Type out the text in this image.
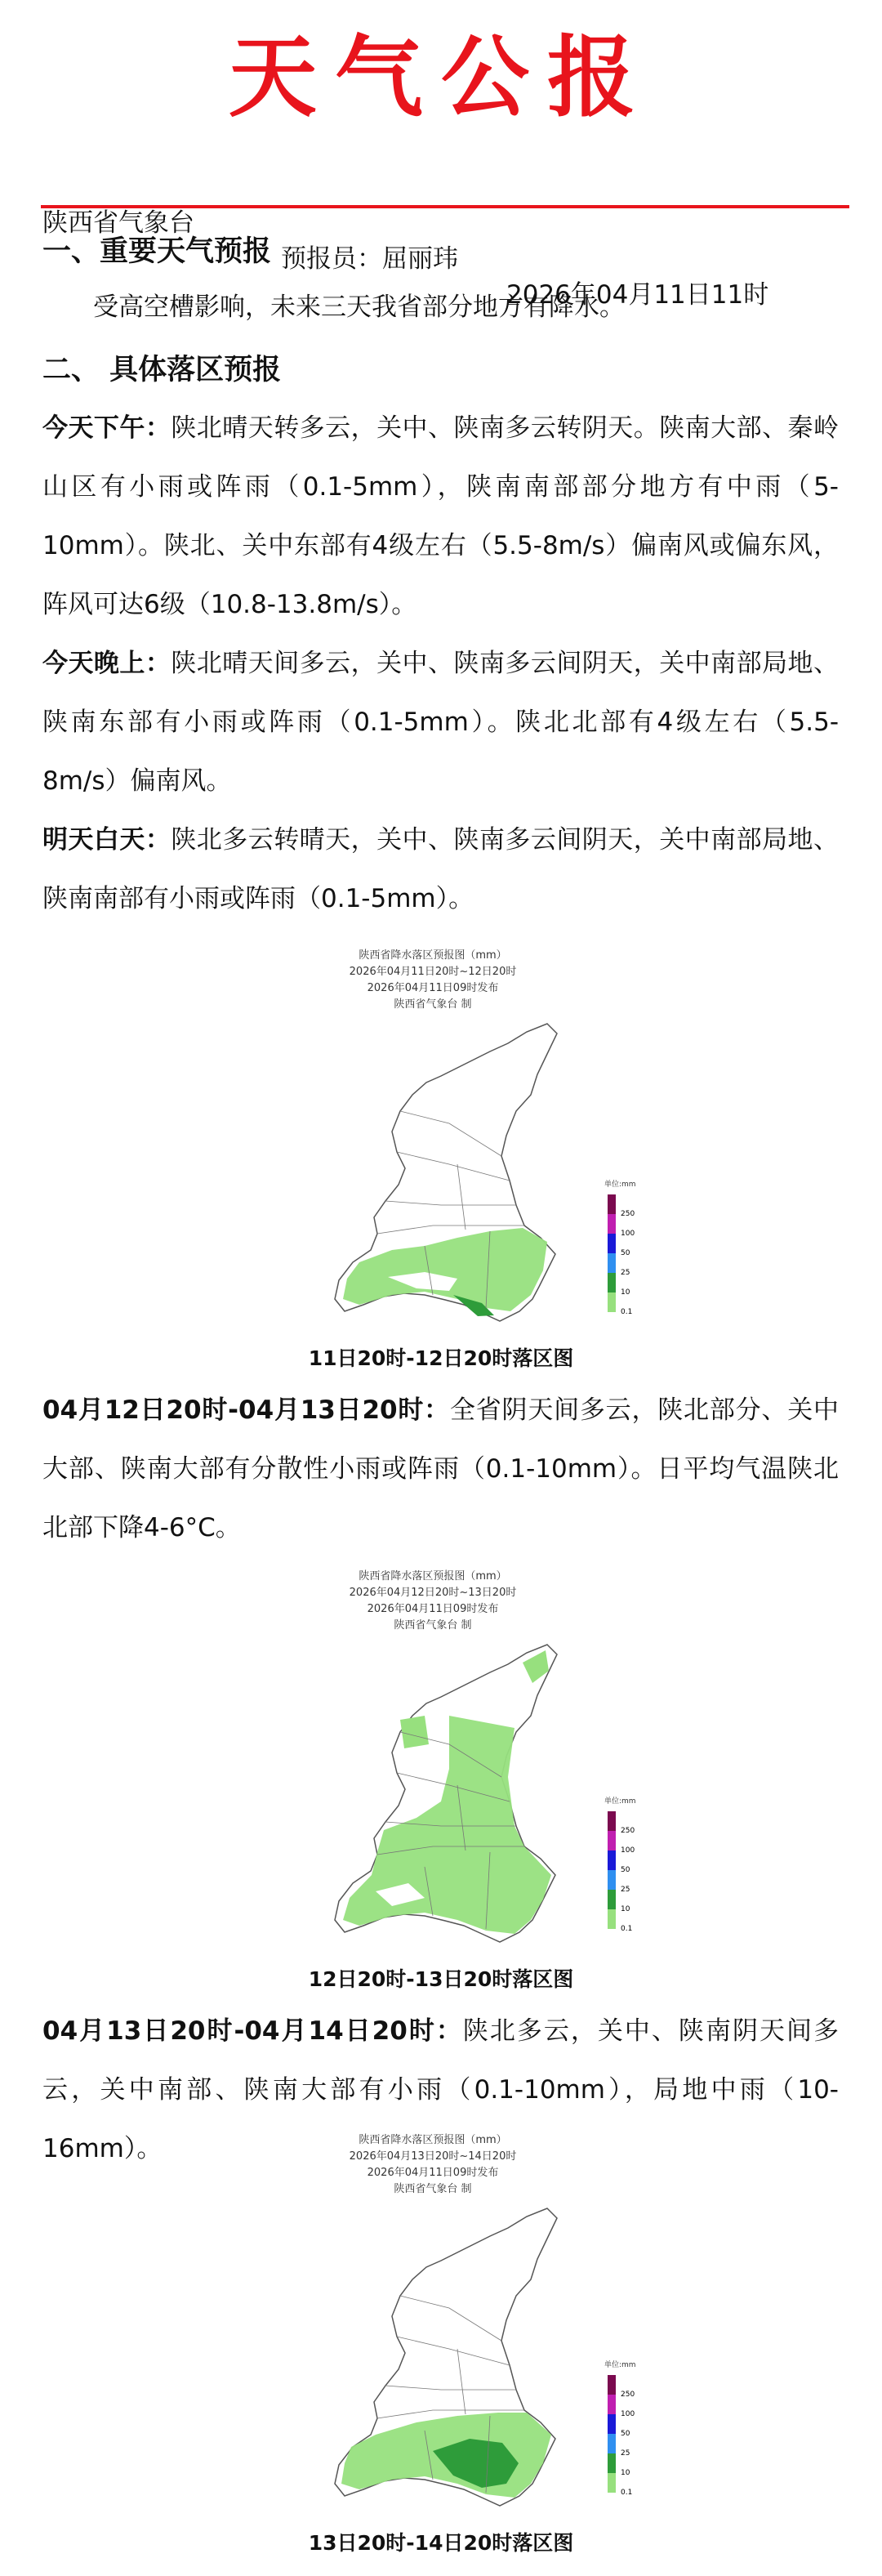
天气公报

陕西省气象台

预报员：屈丽玮

2026年04月11日11时

一、重要天气预报
受高空槽影响，未来三天我省部分地方有降水。
二、 具体落区预报
今天下午：陕北晴天转多云，关中、陕南多云转阴天。陕南大部、秦岭山区有小雨或阵雨（0.1-5mm），陕南南部部分地方有中雨（5-10mm）。陕北、关中东部有4级左右（5.5-8m/s）偏南风或偏东风，阵风可达6级（10.8-13.8m/s）。
今天晚上：陕北晴天间多云，关中、陕南多云间阴天，关中南部局地、陕南东部有小雨或阵雨（0.1-5mm）。陕北北部有4级左右（5.5-8m/s）偏南风。
明天白天：陕北多云转晴天，关中、陕南多云间阴天，关中南部局地、陕南南部有小雨或阵雨（0.1-5mm）。
陕西省降水落区预报图（mm）
2026年04月11日20时~12日20时
2026年04月11日09时发布
陕西省气象台 制
单位:mm
250
100
50
25
10
0.1
11日20时-12日20时落区图
04月12日20时-04月13日20时：全省阴天间多云，陕北部分、关中大部、陕南大部有分散性小雨或阵雨（0.1-10mm）。日平均气温陕北北部下降4-6°C。
陕西省降水落区预报图（mm）
2026年04月12日20时~13日20时
2026年04月11日09时发布
陕西省气象台 制
单位:mm
250
100
50
25
10
0.1
12日20时-13日20时落区图
04月13日20时-04月14日20时：陕北多云，关中、陕南阴天间多云，关中南部、陕南大部有小雨（0.1-10mm），局地中雨（10-16mm）。	陕西省降水落区预报图（mm）
2026年04月13日20时~14日20时
2026年04月11日09时发布
陕西省气象台 制
单位:mm
250
100
50
25
10
0.1
13日20时-14日20时落区图
